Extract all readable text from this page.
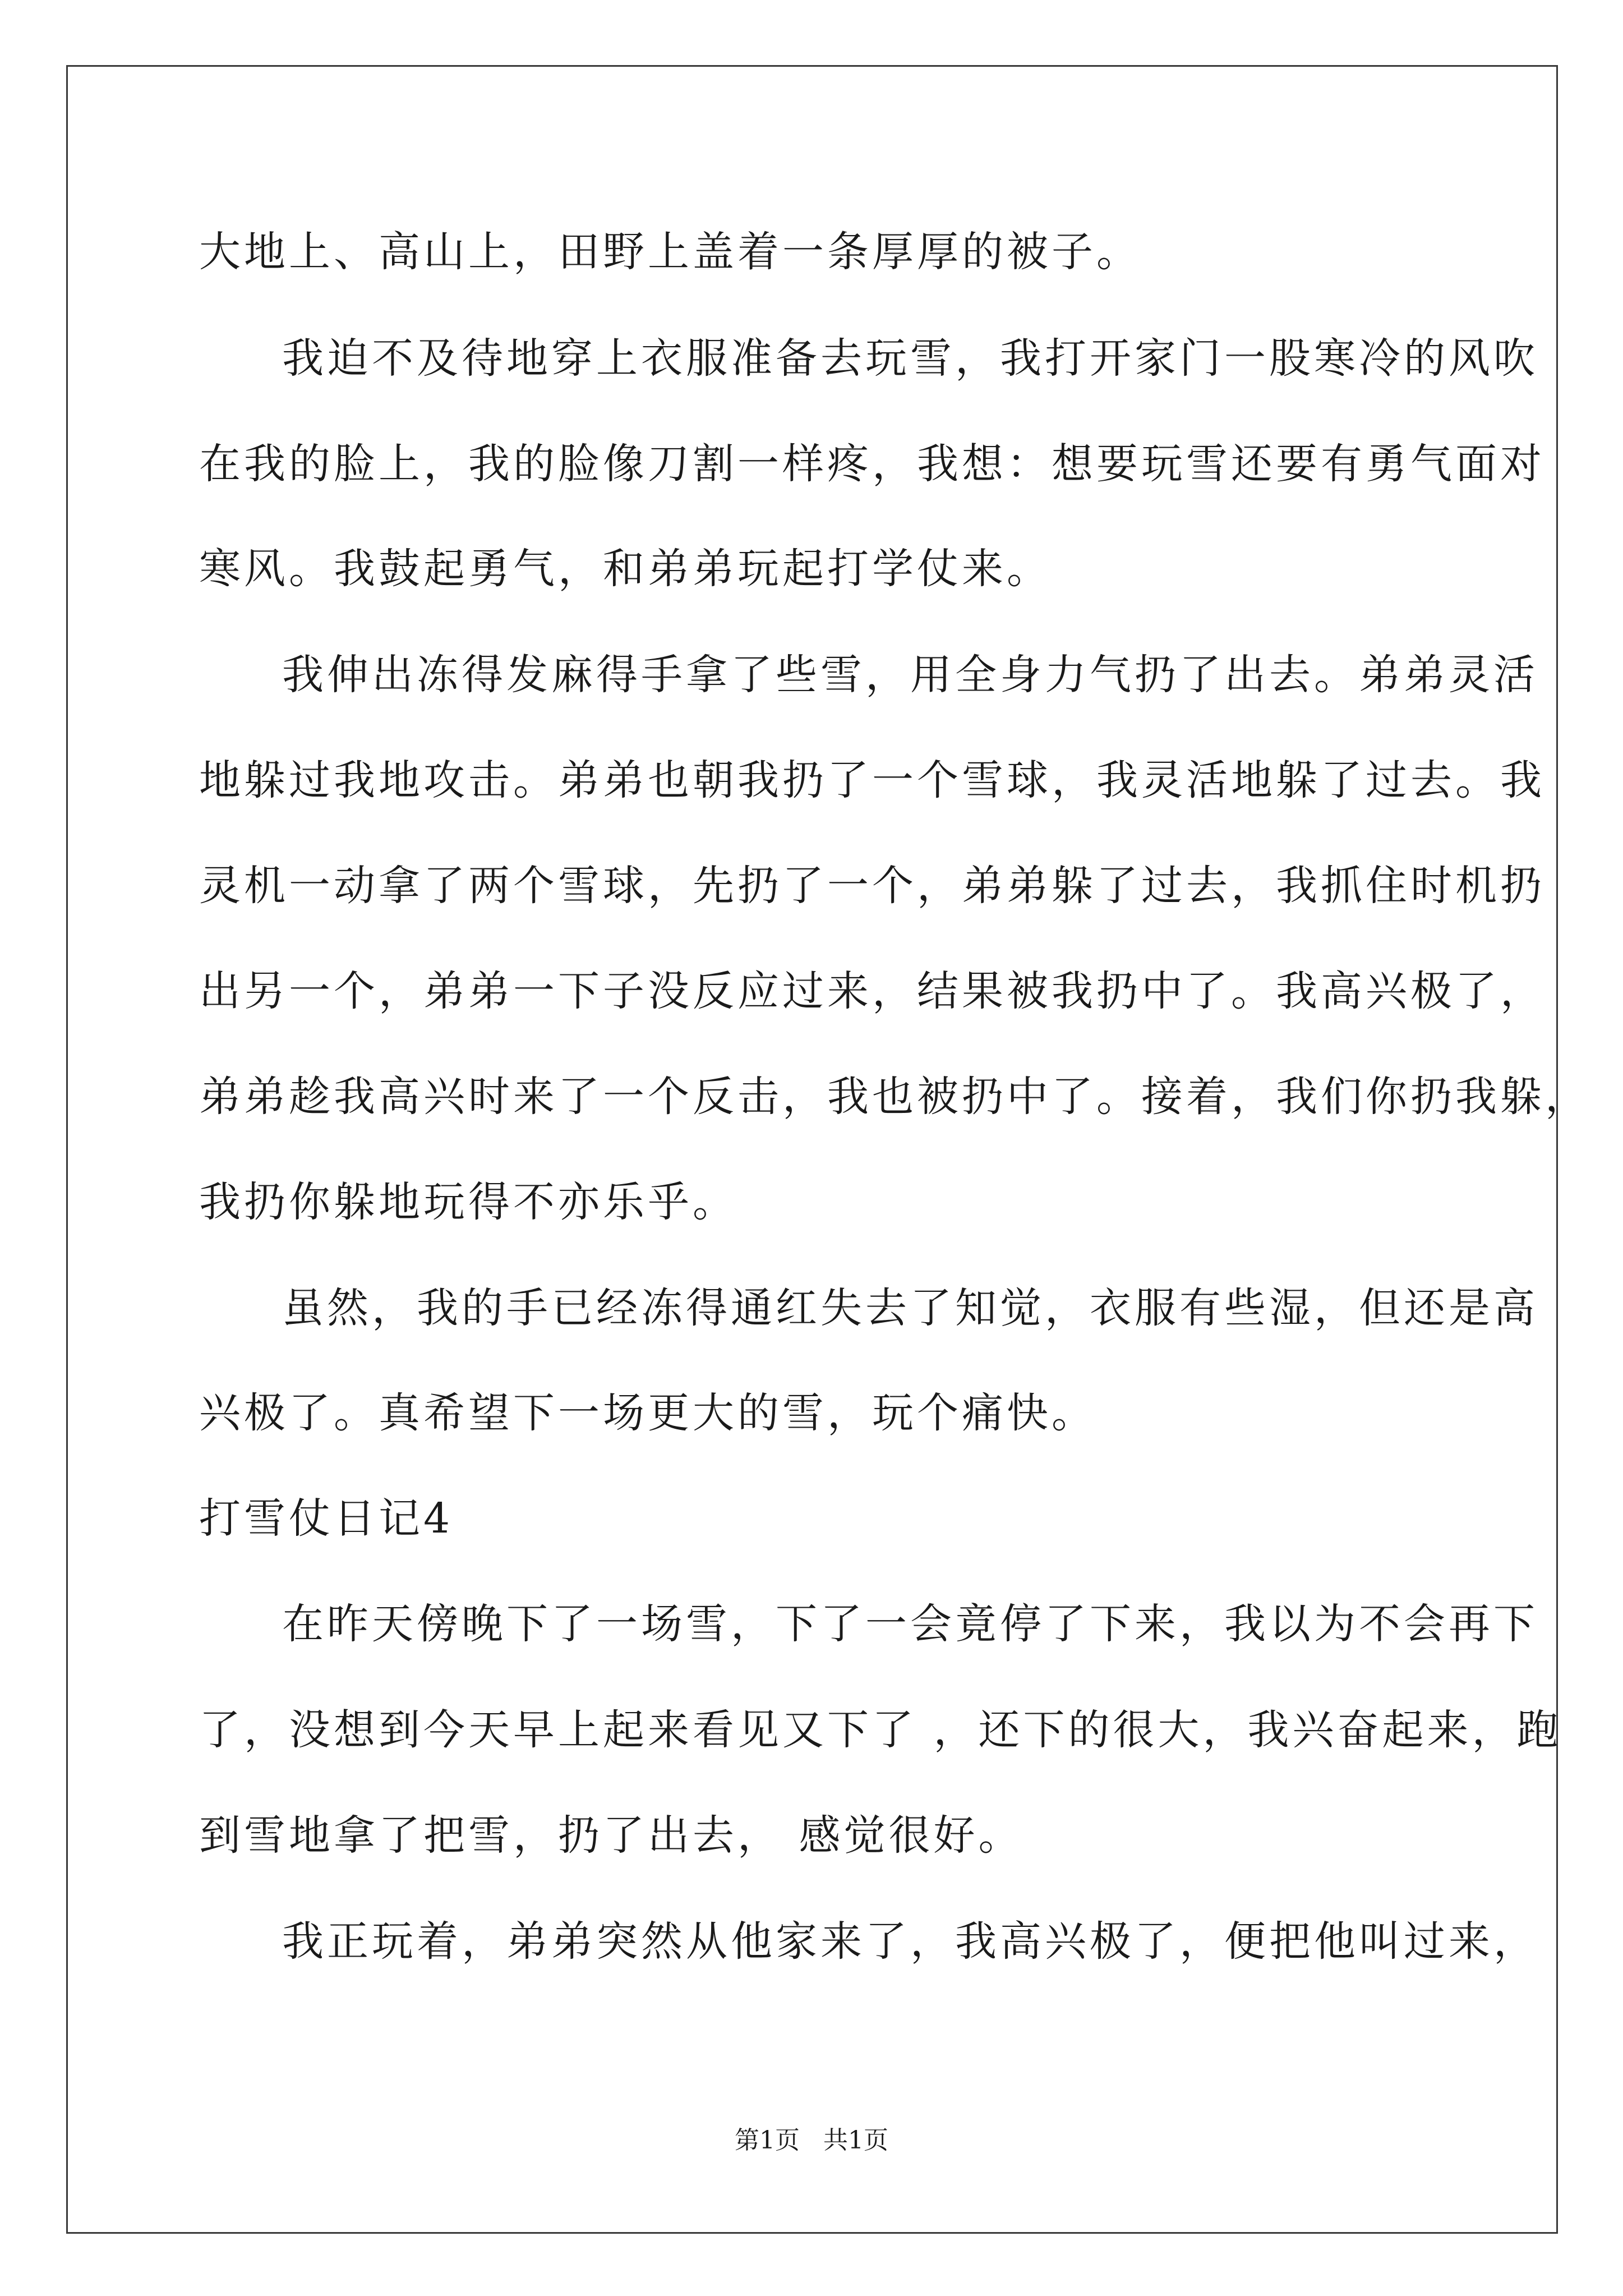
大地上、高山上，田野上盖着一条厚厚的被子。
我迫不及待地穿上衣服准备去玩雪，我打开家门一股寒冷的风吹
在我的脸上，我的脸像刀割一样疼，我想：想要玩雪还要有勇气面对
寒风。我鼓起勇气，和弟弟玩起打学仗来。
我伸出冻得发麻得手拿了些雪，用全身力气扔了出去。弟弟灵活
地躲过我地攻击。弟弟也朝我扔了一个雪球，我灵活地躲了过去。我
灵机一动拿了两个雪球，先扔了一个，弟弟躲了过去，我抓住时机扔
出另一个，弟弟一下子没反应过来，结果被我扔中了。我高兴极了，
弟弟趁我高兴时来了一个反击，我也被扔中了。接着，我们你扔我躲，
我扔你躲地玩得不亦乐乎。
虽然，我的手已经冻得通红失去了知觉，衣服有些湿，但还是高
兴极了。真希望下一场更大的雪，玩个痛快。
打雪仗日记4
在昨天傍晚下了一场雪，下了一会竟停了下来，我以为不会再下
了，没想到今天早上起来看见又下了 ，还下的很大，我兴奋起来，跑
到雪地拿了把雪，扔了出去， 感觉很好。
我正玩着，弟弟突然从他家来了，我高兴极了，便把他叫过来，
第1页 共1页
